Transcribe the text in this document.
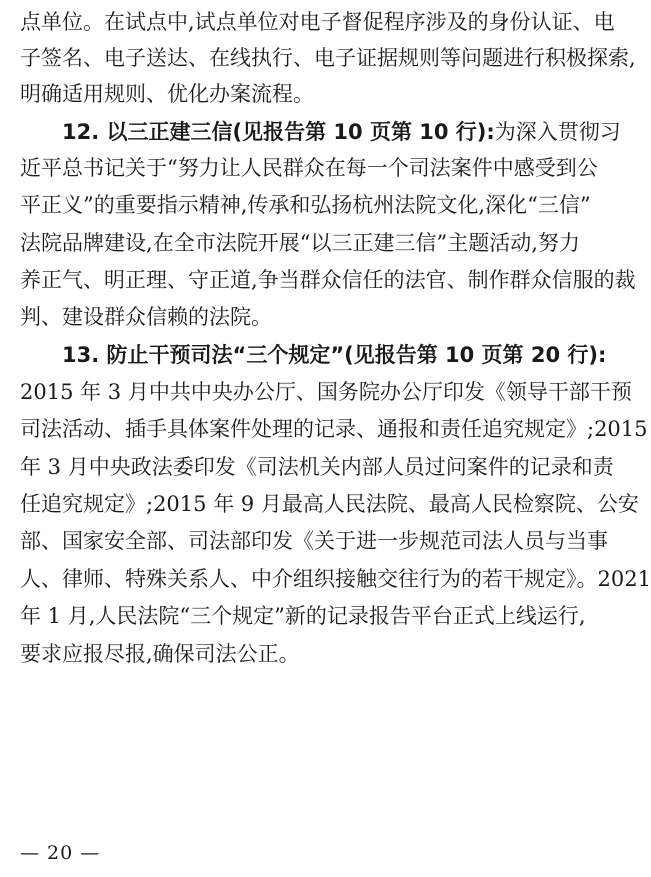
点单位。在试点中,试点单位对电子督促程序涉及的身份认证、电
子签名、电子送达、在线执行、电子证据规则等问题进行积极探索,
明确适用规则、优化办案流程。
12. 以三正建三信(见报告第 10 页第 10 行):为深入贯彻习
近平总书记关于“努力让人民群众在每一个司法案件中感受到公
平正义”的重要指示精神,传承和弘扬杭州法院文化,深化“三信”
法院品牌建设,在全市法院开展“以三正建三信”主题活动,努力
养正气、明正理、守正道,争当群众信任的法官、制作群众信服的裁
判、建设群众信赖的法院。
13. 防止干预司法“三个规定”(见报告第 10 页第 20 行):
2015 年 3 月中共中央办公厅、国务院办公厅印发《领导干部干预
司法活动、插手具体案件处理的记录、通报和责任追究规定》;2015
年 3 月中央政法委印发《司法机关内部人员过问案件的记录和责
任追究规定》;2015 年 9 月最高人民法院、最高人民检察院、公安
部、国家安全部、司法部印发《关于进一步规范司法人员与当事
人、律师、特殊关系人、中介组织接触交往行为的若干规定》。2021
年 1 月,人民法院“三个规定”新的记录报告平台正式上线运行,
要求应报尽报,确保司法公正。
— 20 —
